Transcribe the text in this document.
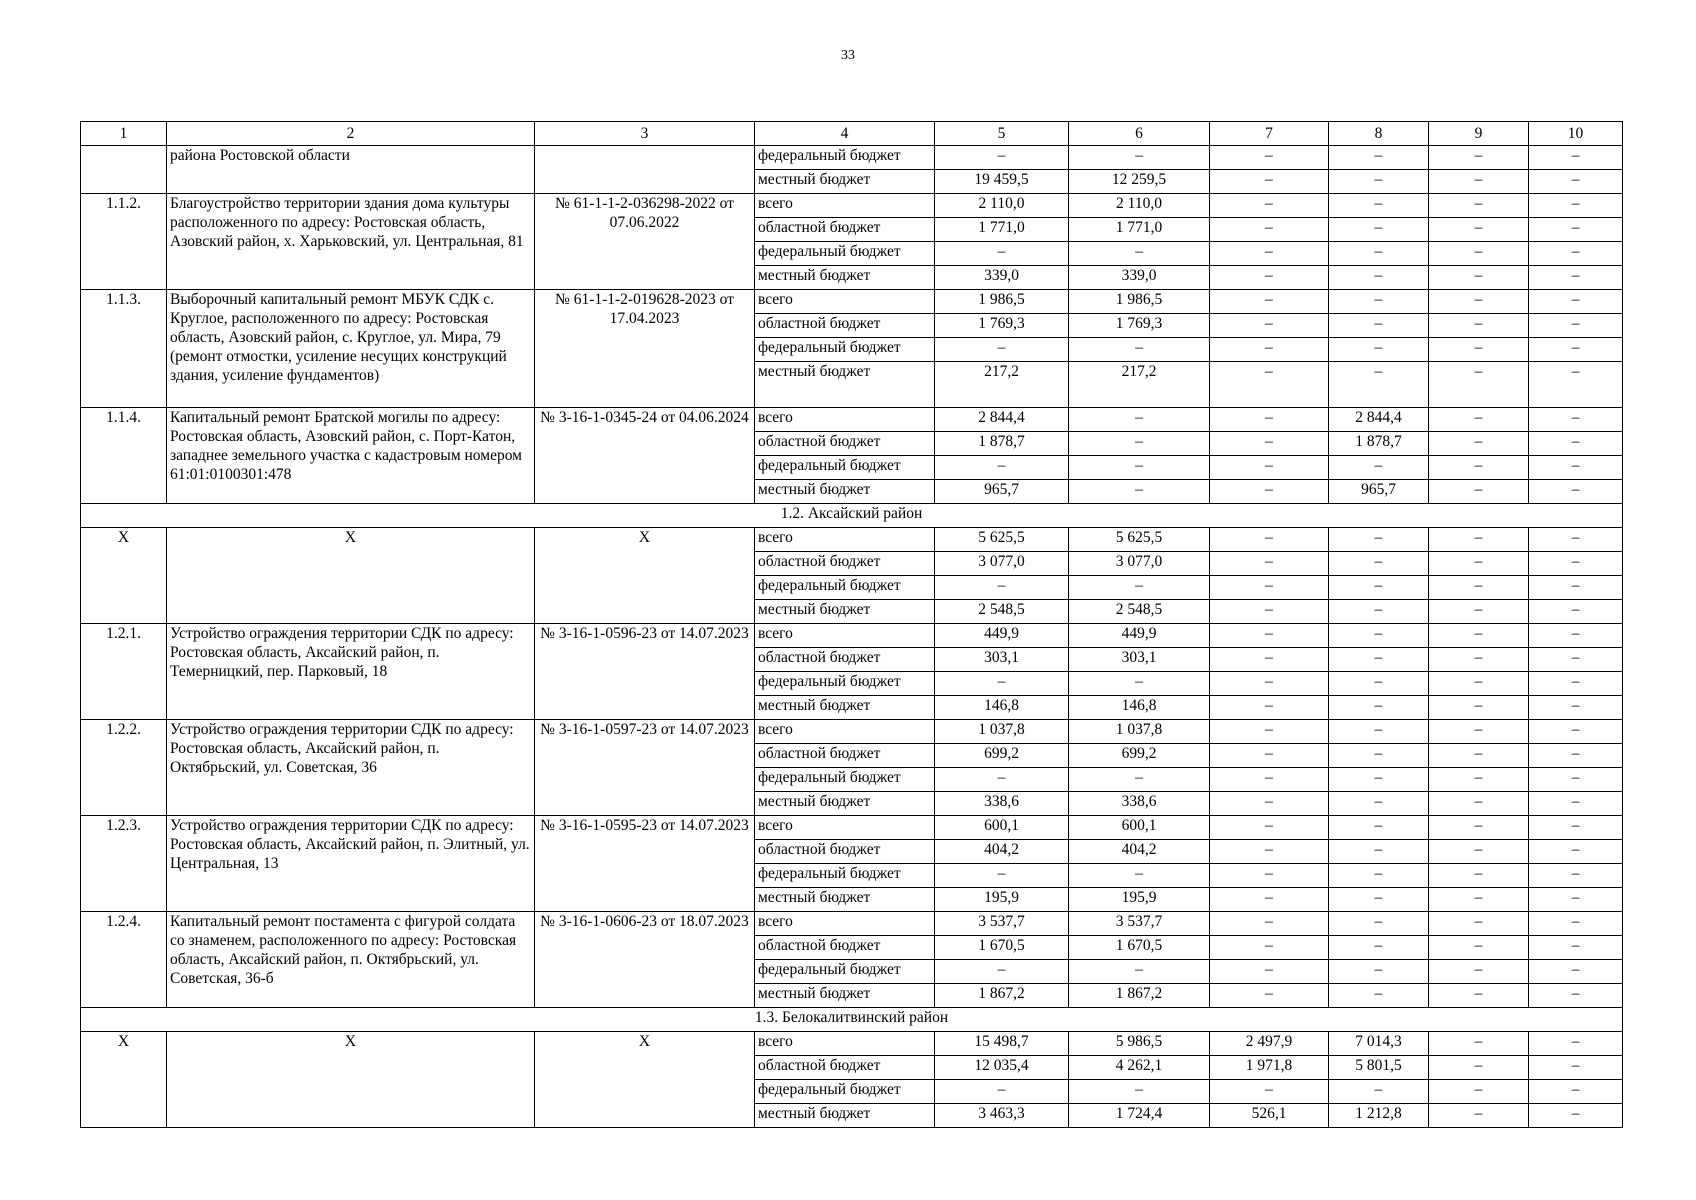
33
1	2	3	4	5	6	7	8	9	10
	района Ростовской области		федеральный бюджет	–	–	–	–	–	–
			местный бюджет	19 459,5	12 259,5	–	–	–	–
1.1.2.	Благоустройство территории здания дома культуры расположенного по адресу: Ростовская область, Азовский район, х. Харьковский, ул. Центральная, 81	№ 61-1-1-2-036298-2022 от 07.06.2022	всего	2 110,0	2 110,0	–	–	–	–
			областной бюджет	1 771,0	1 771,0	–	–	–	–
			федеральный бюджет	–	–	–	–	–	–
			местный бюджет	339,0	339,0	–	–	–	–
1.1.3.	Выборочный капитальный ремонт МБУК СДК с. Круглое, расположенного по адресу: Ростовская область, Азовский район, с. Круглое, ул. Мира, 79 (ремонт отмостки, усиление несущих конструкций здания, усиление фундаментов)	№ 61-1-1-2-019628-2023 от 17.04.2023	всего	1 986,5	1 986,5	–	–	–	–
			областной бюджет	1 769,3	1 769,3	–	–	–	–
			федеральный бюджет	–	–	–	–	–	–
			местный бюджет	217,2	217,2	–	–	–	–
1.1.4.	Капитальный ремонт Братской могилы по адресу: Ростовская область, Азовский район, с. Порт-Катон, западнее земельного участка с кадастровым номером 61:01:0100301:478	№ 3-16-1-0345-24 от 04.06.2024	всего	2 844,4	–	–	2 844,4	–	–
			областной бюджет	1 878,7	–	–	1 878,7	–	–
			федеральный бюджет	–	–	–	–	–	–
			местный бюджет	965,7	–	–	965,7	–	–
1.2. Аксайский район									
X	X	X	всего	5 625,5	5 625,5	–	–	–	–
			областной бюджет	3 077,0	3 077,0	–	–	–	–
			федеральный бюджет	–	–	–	–	–	–
			местный бюджет	2 548,5	2 548,5	–	–	–	–
1.2.1.	Устройство ограждения территории СДК по адресу: Ростовская область, Аксайский район, п. Темерницкий, пер. Парковый, 18	№ 3-16-1-0596-23 от 14.07.2023	всего	449,9	449,9	–	–	–	–
			областной бюджет	303,1	303,1	–	–	–	–
			федеральный бюджет	–	–	–	–	–	–
			местный бюджет	146,8	146,8	–	–	–	–
1.2.2.	Устройство ограждения территории СДК по адресу: Ростовская область, Аксайский район, п. Октябрьский, ул. Советская, 36	№ 3-16-1-0597-23 от 14.07.2023	всего	1 037,8	1 037,8	–	–	–	–
			областной бюджет	699,2	699,2	–	–	–	–
			федеральный бюджет	–	–	–	–	–	–
			местный бюджет	338,6	338,6	–	–	–	–
1.2.3.	Устройство ограждения территории СДК по адресу: Ростовская область, Аксайский район, п. Элитный, ул. Центральная, 13	№ 3-16-1-0595-23 от 14.07.2023	всего	600,1	600,1	–	–	–	–
			областной бюджет	404,2	404,2	–	–	–	–
			федеральный бюджет	–	–	–	–	–	–
			местный бюджет	195,9	195,9	–	–	–	–
1.2.4.	Капитальный ремонт постамента с фигурой солдата со знаменем, расположенного по адресу: Ростовская область, Аксайский район, п. Октябрьский, ул. Советская, 36-б	№ 3-16-1-0606-23 от 18.07.2023	всего	3 537,7	3 537,7	–	–	–	–
			областной бюджет	1 670,5	1 670,5	–	–	–	–
			федеральный бюджет	–	–	–	–	–	–
			местный бюджет	1 867,2	1 867,2	–	–	–	–
1.3. Белокалитвинский район									
X	X	X	всего	15 498,7	5 986,5	2 497,9	7 014,3	–	–
			областной бюджет	12 035,4	4 262,1	1 971,8	5 801,5	–	–
			федеральный бюджет	–	–	–	–	–	–
			местный бюджет	3 463,3	1 724,4	526,1	1 212,8	–	–
